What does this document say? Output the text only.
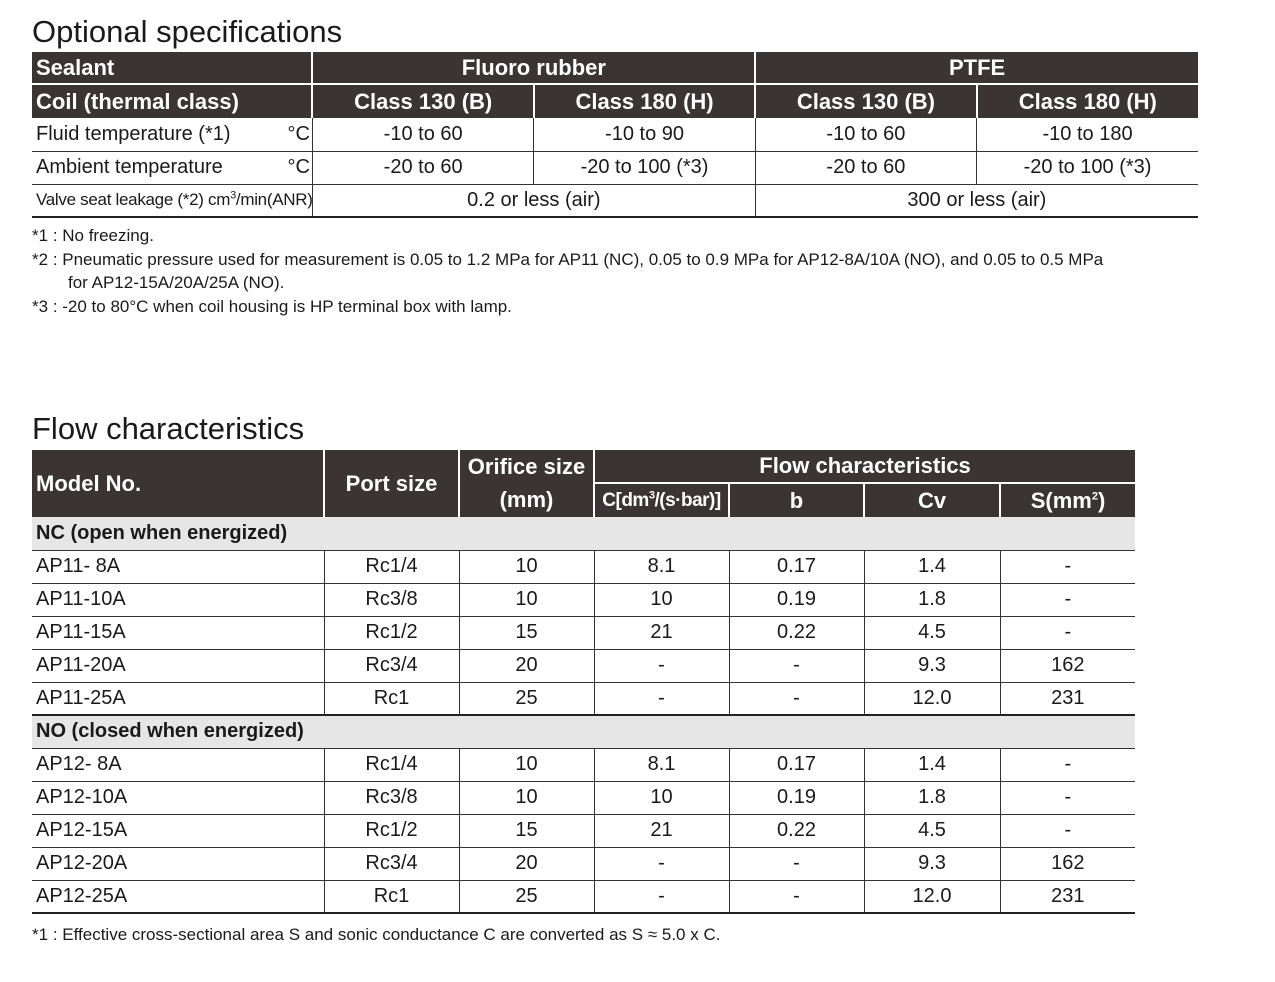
Optional specifications
Sealant	Fluoro rubber		PTFE	
Coil (thermal class)	Class 130 (B)	Class 180 (H)	Class 130 (B)	Class 180 (H)
Fluid temperature (*1) °C	-10 to 60	-10 to 90	-10 to 60	-10 to 180
Ambient temperature °C	-20 to 60	-20 to 100 (*3)	-20 to 60	-20 to 100 (*3)
Valve seat leakage (*2) $cm^3/\min(ANR)$	0.2 or less (air)		300 or less (air)	
*1 : No freezing.
*2 : Pneumatic pressure used for measurement is 0.05 to 1.2 MPa for AP11 (NC), 0.05 to 0.9 MPa for AP12-8A/10A (NO), and 0.05 to 0.5 MPa
for AP12-15A/20A/25A (NO).
*3 : -20 to 80°C when coil housing is HP terminal box with lamp.
Flow characteristics
Model No.	Port size	Orifice size	Flow characteristics			
		(mm)	$C[dm^3/(s\cdot bar)]$	b	Cv	$S(mm^2)$
NC (open when energized)						
AP11- 8A	Rc1/4	10	8.1	0.17	1.4	-
AP11-10A	Rc3/8	10	10	0.19	1.8	-
AP11-15A	Rc1/2	15	21	0.22	4.5	-
AP11-20A	Rc3/4	20	-	-	9.3	162
AP11-25A	Rc1	25	-	-	12.0	231
NO (closed when energized)						
AP12- 8A	Rc1/4	10	8.1	0.17	1.4	-
AP12-10A	Rc3/8	10	10	0.19	1.8	-
AP12-15A	Rc1/2	15	21	0.22	4.5	-
AP12-20A	Rc3/4	20	-	-	9.3	162
AP12-25A	Rc1	25	-	-	12.0	231
*1 : Effective cross-sectional area S and sonic conductance C are converted as S ≈ 5.0 x C.
